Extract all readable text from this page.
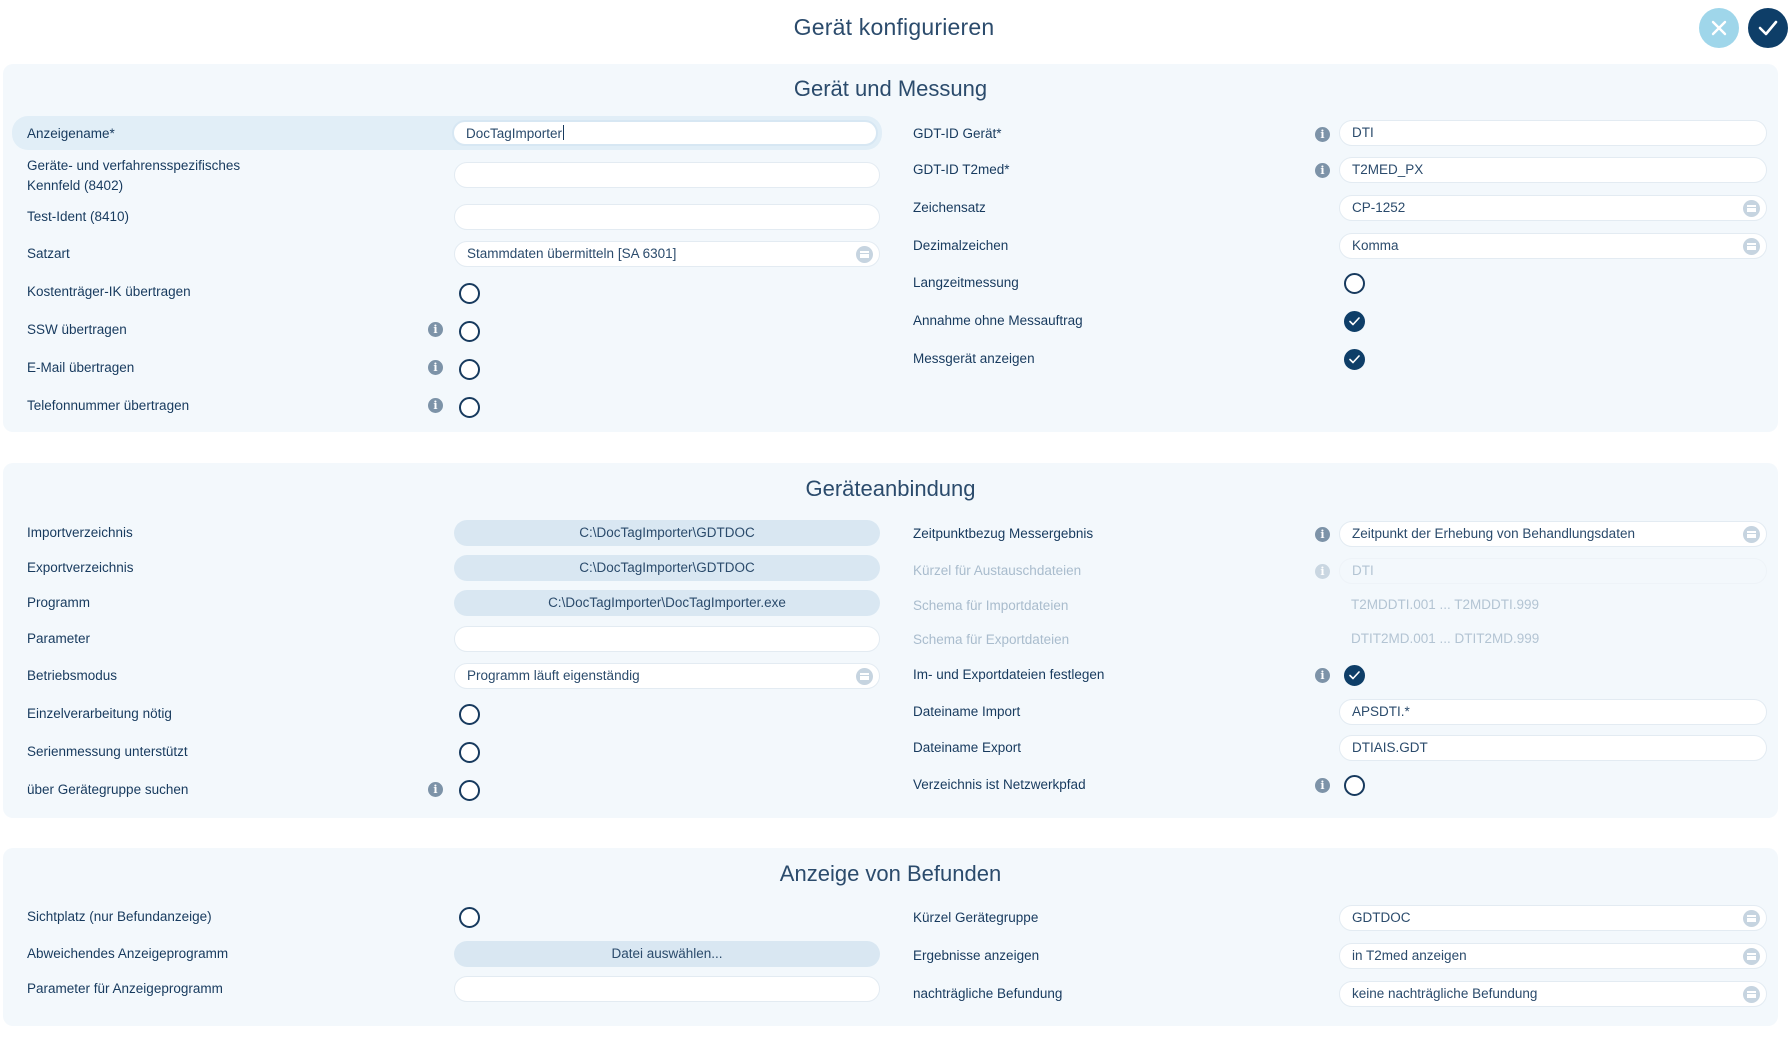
Gerät konfigurieren
Gerät und Messung
Anzeigename*	DocTagImporter
Geräte- und verfahrensspezifisches
Kennfeld (8402)
Test-Ident (8410)
Satzart	Stammdaten übermitteln [SA 6301]
Kostenträger-IK übertragen
SSW übertragen	i
E-Mail übertragen	i
Telefonnummer übertragen	i
GDT-ID Gerät*	i	DTI
GDT-ID T2med*	i	T2MED_PX
Zeichensatz	CP-1252
Dezimalzeichen	Komma
Langzeitmessung
Annahme ohne Messauftrag
Messgerät anzeigen
Geräteanbindung
Importverzeichnis	C:\DocTagImporter\GDTDOC
Exportverzeichnis	C:\DocTagImporter\GDTDOC
Programm	C:\DocTagImporter\DocTagImporter.exe
Parameter
Betriebsmodus	Programm läuft eigenständig
Einzelverarbeitung nötig
Serienmessung unterstützt
über Gerätegruppe suchen	i
Zeitpunktbezug Messergebnis	i	Zeitpunkt der Erhebung von Behandlungsdaten
Kürzel für Austauschdateien	i	DTI
Schema für Importdateien	T2MDDTI.001 ... T2MDDTI.999
Schema für Exportdateien	DTIT2MD.001 ... DTIT2MD.999
Im- und Exportdateien festlegen	i
Dateiname Import	APSDTI.*
Dateiname Export	DTIAIS.GDT
Verzeichnis ist Netzwerkpfad	i
Anzeige von Befunden
Sichtplatz (nur Befundanzeige)
Abweichendes Anzeigeprogramm	Datei auswählen...
Parameter für Anzeigeprogramm
Kürzel Gerätegruppe	GDTDOC
Ergebnisse anzeigen	in T2med anzeigen
nachträgliche Befundung	keine nachträgliche Befundung
